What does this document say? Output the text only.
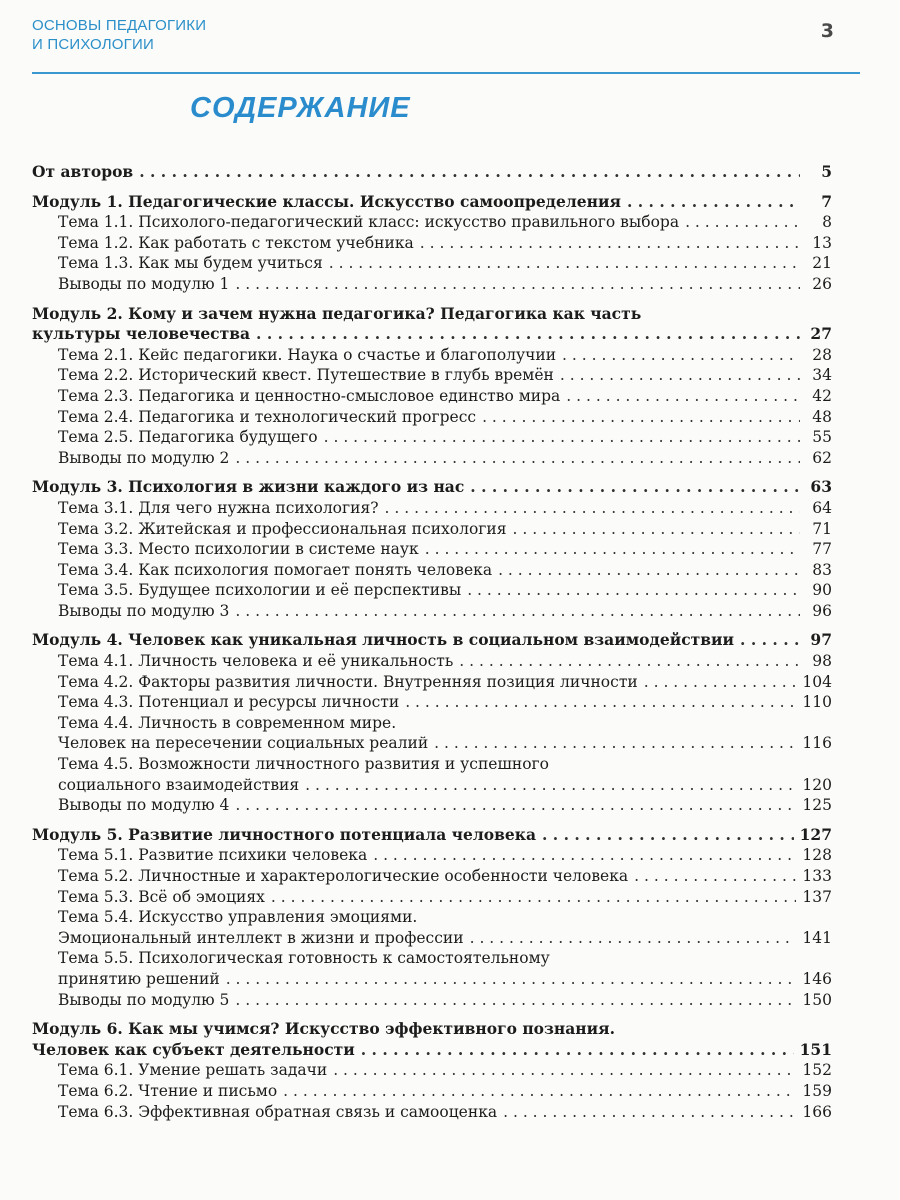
ОСНОВЫ ПЕДАГОГИКИ
И ПСИХОЛОГИИ
3
СОДЕРЖАНИЕ
От авторов . . .	5
Модуль 1. Педагогические классы. Искусство самоопределения . . .	7
Тема 1.1. Психолого-педагогический класс: искусство правильного выбора . . .	8
Тема 1.2. Как работать с текстом учебника . . .	13
Тема 1.3. Как мы будем учиться . . .	21
Выводы по модулю 1 . . .	26
Модуль 2. Кому и зачем нужна педагогика? Педагогика как часть
культуры человечества . . .	27
Тема 2.1. Кейс педагогики. Наука о счастье и благополучии . . .	28
Тема 2.2. Исторический квест. Путешествие в глубь времён . . .	34
Тема 2.3. Педагогика и ценностно-смысловое единство мира . . .	42
Тема 2.4. Педагогика и технологический прогресс . . .	48
Тема 2.5. Педагогика будущего . . .	55
Выводы по модулю 2 . . .	62
Модуль 3. Психология в жизни каждого из нас . . .	63
Тема 3.1. Для чего нужна психология? . . .	64
Тема 3.2. Житейская и профессиональная психология . . .	71
Тема 3.3. Место психологии в системе наук . . .	77
Тема 3.4. Как психология помогает понять человека . . .	83
Тема 3.5. Будущее психологии и её перспективы . . .	90
Выводы по модулю 3 . . .	96
Модуль 4. Человек как уникальная личность в социальном взаимодействии . . .	97
Тема 4.1. Личность человека и её уникальность . . .	98
Тема 4.2. Факторы развития личности. Внутренняя позиция личности . . .	104
Тема 4.3. Потенциал и ресурсы личности . . .	110
Тема 4.4. Личность в современном мире.
Человек на пересечении социальных реалий . . .	116
Тема 4.5. Возможности личностного развития и успешного
социального взаимодействия . . .	120
Выводы по модулю 4 . . .	125
Модуль 5. Развитие личностного потенциала человека . . .	127
Тема 5.1. Развитие психики человека . . .	128
Тема 5.2. Личностные и характерологические особенности человека . . .	133
Тема 5.3. Всё об эмоциях . . .	137
Тема 5.4. Искусство управления эмоциями.
Эмоциональный интеллект в жизни и профессии . . .	141
Тема 5.5. Психологическая готовность к самостоятельному
принятию решений . . .	146
Выводы по модулю 5 . . .	150
Модуль 6. Как мы учимся? Искусство эффективного познания.
Человек как субъект деятельности . . .	151
Тема 6.1. Умение решать задачи . . .	152
Тема 6.2. Чтение и письмо . . .	159
Тема 6.3. Эффективная обратная связь и самооценка . . .	166
